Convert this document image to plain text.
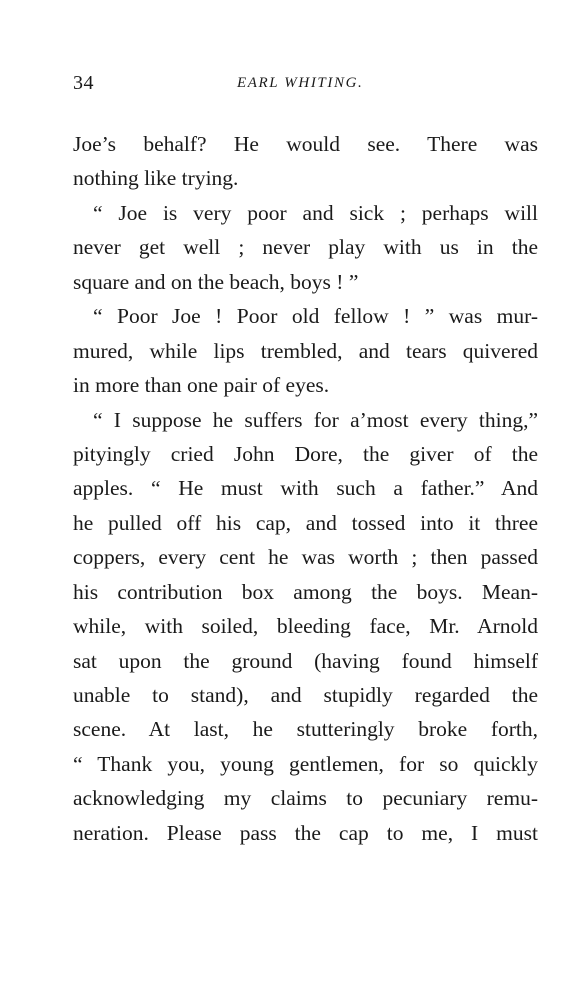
34	EARL WHITING.
Joe’s behalf? He would see. There was
nothing like trying.
“ Joe is very poor and sick ; perhaps will
never get well ; never play with us in the
square and on the beach, boys ! ”
“ Poor Joe ! Poor old fellow ! ” was mur-
mured, while lips trembled, and tears quivered
in more than one pair of eyes.
“ I suppose he suffers for a’most every thing,”
pityingly cried John Dore, the giver of the
apples. “ He must with such a father.” And
he pulled off his cap, and tossed into it three
coppers, every cent he was worth ; then passed
his contribution box among the boys. Mean-
while, with soiled, bleeding face, Mr. Arnold
sat upon the ground (having found himself
unable to stand), and stupidly regarded the
scene. At last, he stutteringly broke forth,
“ Thank you, young gentlemen, for so quickly
acknowledging my claims to pecuniary remu-
neration. Please pass the cap to me, I must
